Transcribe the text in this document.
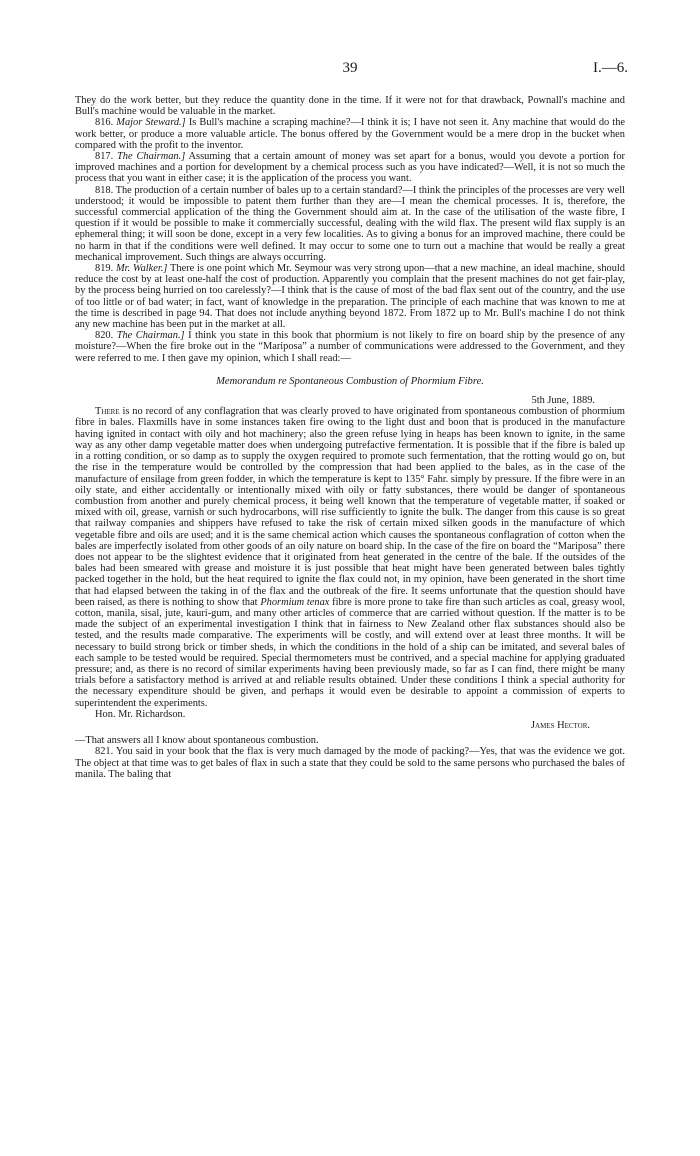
39	I.—6.

They do the work better, but they reduce the quantity done in the time. If it were not for that drawback, Pownall's machine and Bull's machine would be valuable in the market.

816. Major Steward.] Is Bull's machine a scraping machine?—I think it is; I have not seen it. Any machine that would do the work better, or produce a more valuable article. The bonus offered by the Government would be a mere drop in the bucket when compared with the profit to the inventor.

817. The Chairman.] Assuming that a certain amount of money was set apart for a bonus, would you devote a portion for improved machines and a portion for development by a chemical process such as you have indicated?—Well, it is not so much the process that you want in either case; it is the application of the process you want.

818. The production of a certain number of bales up to a certain standard?—I think the principles of the processes are very well understood; it would be impossible to patent them further than they are—I mean the chemical processes. It is, therefore, the successful commercial application of the thing the Government should aim at. In the case of the utilisation of the waste fibre, I question if it would be possible to make it commercially successful, dealing with the wild flax. The present wild flax supply is an ephemeral thing; it will soon be done, except in a very few localities. As to giving a bonus for an improved machine, there could be no harm in that if the conditions were well defined. It may occur to some one to turn out a machine that would be really a great mechanical improvement. Such things are always occurring.

819. Mr. Walker.] There is one point which Mr. Seymour was very strong upon—that a new machine, an ideal machine, should reduce the cost by at least one-half the cost of production. Apparently you complain that the present machines do not get fair-play, by the process being hurried on too carelessly?—I think that is the cause of most of the bad flax sent out of the country, and the use of too little or of bad water; in fact, want of knowledge in the preparation. The principle of each machine that was known to me at the time is described in page 94. That does not include anything beyond 1872. From 1872 up to Mr. Bull's machine I do not think any new machine has been put in the market at all.

820. The Chairman.] I think you state in this book that phormium is not likely to fire on board ship by the presence of any moisture?—When the fire broke out in the “Mariposa” a number of communications were addressed to the Government, and they were referred to me. I then gave my opinion, which I shall read:—

Memorandum re Spontaneous Combustion of Phormium Fibre.

5th June, 1889.

There is no record of any conflagration that was clearly proved to have originated from spontaneous combustion of phormium fibre in bales. Flaxmills have in some instances taken fire owing to the light dust and boon that is produced in the manufacture having ignited in contact with oily and hot machinery; also the green refuse lying in heaps has been known to ignite, in the same way as any other damp vegetable matter does when undergoing putrefactive fermentation. It is possible that if the fibre is baled up in a rotting condition, or so damp as to supply the oxygen required to promote such fermentation, that the rotting would go on, but the rise in the temperature would be controlled by the compression that had been applied to the bales, as in the case of the manufacture of ensilage from green fodder, in which the temperature is kept to 135° Fahr. simply by pressure. If the fibre were in an oily state, and either accidentally or intentionally mixed with oily or fatty substances, there would be danger of spontaneous combustion from another and purely chemical process, it being well known that the temperature of vegetable matter, if soaked or mixed with oil, grease, varnish or such hydrocarbons, will rise sufficiently to ignite the bulk. The danger from this cause is so great that railway companies and shippers have refused to take the risk of certain mixed silken goods in the manufacture of which vegetable fibre and oils are used; and it is the same chemical action which causes the spontaneous conflagration of cotton when the bales are imperfectly isolated from other goods of an oily nature on board ship. In the case of the fire on board the “Mariposa” there does not appear to be the slightest evidence that it originated from heat generated in the centre of the bale. If the outsides of the bales had been smeared with grease and moisture it is just possible that heat might have been generated between bales tightly packed together in the hold, but the heat required to ignite the flax could not, in my opinion, have been generated in the short time that had elapsed between the taking in of the flax and the outbreak of the fire. It seems unfortunate that the question should have been raised, as there is nothing to show that Phormium tenax fibre is more prone to take fire than such articles as coal, greasy wool, cotton, manila, sisal, jute, kauri-gum, and many other articles of commerce that are carried without question. If the matter is to be made the subject of an experimental investigation I think that in fairness to New Zealand other flax substances should also be tested, and the results made comparative. The experiments will be costly, and will extend over at least three months. It will be necessary to build strong brick or timber sheds, in which the conditions in the hold of a ship can be imitated, and several bales of each sample to be tested would be required. Special thermometers must be contrived, and a special machine for applying graduated pressure; and, as there is no record of similar experiments having been previously made, so far as I can find, there might be many trials before a satisfactory method is arrived at and reliable results obtained. Under these conditions I think a special authority for the necessary expenditure should be given, and perhaps it would even be desirable to appoint a commission of experts to superintendent the experiments.

Hon. Mr. Richardson.

James Hector.

—That answers all I know about spontaneous combustion.

821. You said in your book that the flax is very much damaged by the mode of packing?—Yes, that was the evidence we got. The object at that time was to get bales of flax in such a state that they could be sold to the same persons who purchased the bales of manila. The baling that
